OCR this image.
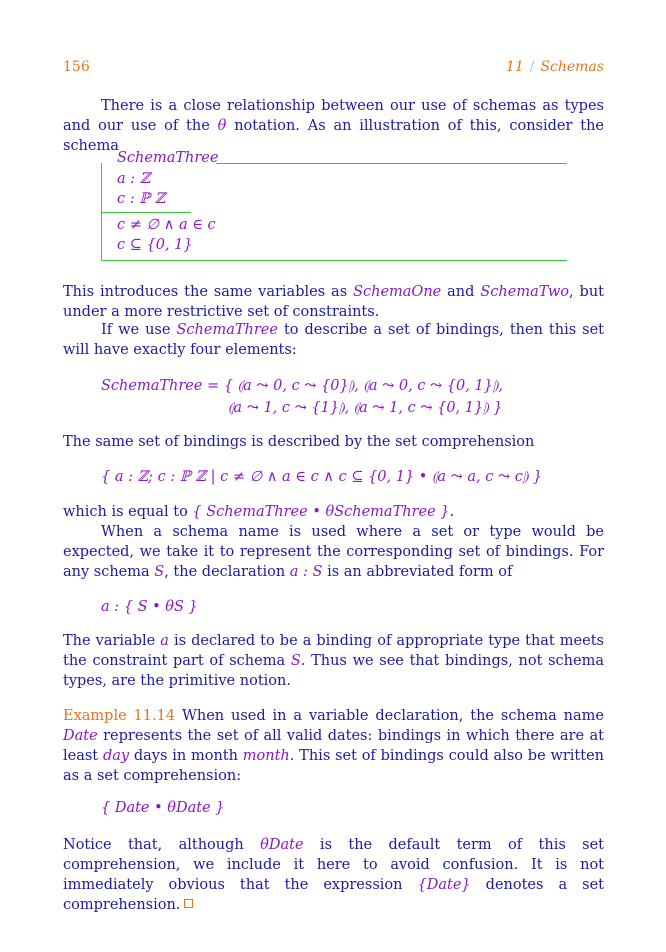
156	11 / Schemas
There is a close relationship between our use of schemas as types and our use of the θ notation. As an illustration of this, consider the schema
SchemaThree
a : ℤ
c : ℙ ℤ
c ≠ ∅ ∧ a ∈ c
c ⊆ {0, 1}
This introduces the same variables as SchemaOne and SchemaTwo, but under a more restrictive set of constraints.
If we use SchemaThree to describe a set of bindings, then this set will have exactly four elements:
SchemaThree = { ⦇a ⤳ 0, c ⤳ {0}⦈, ⦇a ⤳ 0, c ⤳ {0, 1}⦈,
⦇a ⤳ 1, c ⤳ {1}⦈, ⦇a ⤳ 1, c ⤳ {0, 1}⦈ }
The same set of bindings is described by the set comprehension
{ a : ℤ; c : ℙ ℤ | c ≠ ∅ ∧ a ∈ c ∧ c ⊆ {0, 1} • ⦇a ⤳ a, c ⤳ c⦈ }
which is equal to { SchemaThree • θSchemaThree }.
When a schema name is used where a set or type would be expected, we take it to represent the corresponding set of bindings. For any schema S, the declaration a : S is an abbreviated form of
a : { S • θS }
The variable a is declared to be a binding of appropriate type that meets the constraint part of schema S. Thus we see that bindings, not schema types, are the primitive notion.
Example 11.14 When used in a variable declaration, the schema name Date represents the set of all valid dates: bindings in which there are at least day days in month month. This set of bindings could also be written as a set comprehension:
{ Date • θDate }
Notice that, although θDate is the default term of this set comprehension, we include it here to avoid confusion. It is not immediately obvious that the expression {Date} denotes a set comprehension.
